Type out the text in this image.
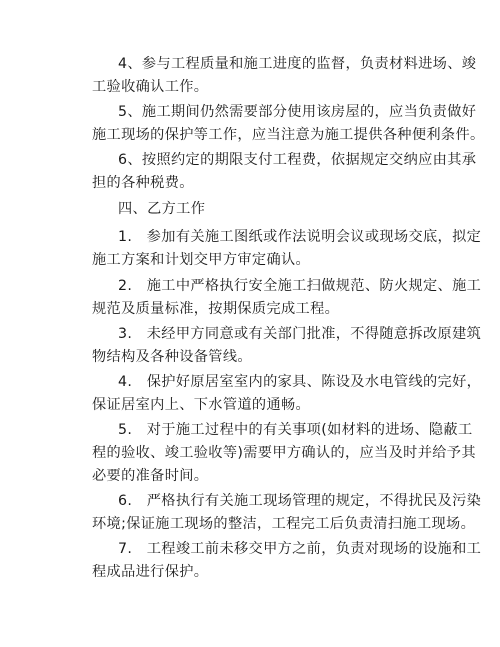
4、参与工程质量和施工进度的监督，负责材料进场、竣
工验收确认工作。

5、施工期间仍然需要部分使用该房屋的，应当负责做好
施工现场的保护等工作，应当注意为施工提供各种便利条件。

6、按照约定的期限支付工程费，依据规定交纳应由其承
担的各种税费。

四、乙方工作

1.　参加有关施工图纸或作法说明会议或现场交底，拟定
施工方案和计划交甲方审定确认。

2.　施工中严格执行安全施工扫做规范、防火规定、施工
规范及质量标准，按期保质完成工程。

3.　未经甲方同意或有关部门批准，不得随意拆改原建筑
物结构及各种设备管线。

4.　保护好原居室室内的家具、陈设及水电管线的完好，
保证居室内上、下水管道的通畅。

5.　对于施工过程中的有关事项(如材料的进场、隐蔽工
程的验收、竣工验收等)需要甲方确认的，应当及时并给予其
必要的准备时间。

6.　严格执行有关施工现场管理的规定，不得扰民及污染
环境;保证施工现场的整洁，工程完工后负责清扫施工现场。

7.　工程竣工前未移交甲方之前，负责对现场的设施和工
程成品进行保护。
